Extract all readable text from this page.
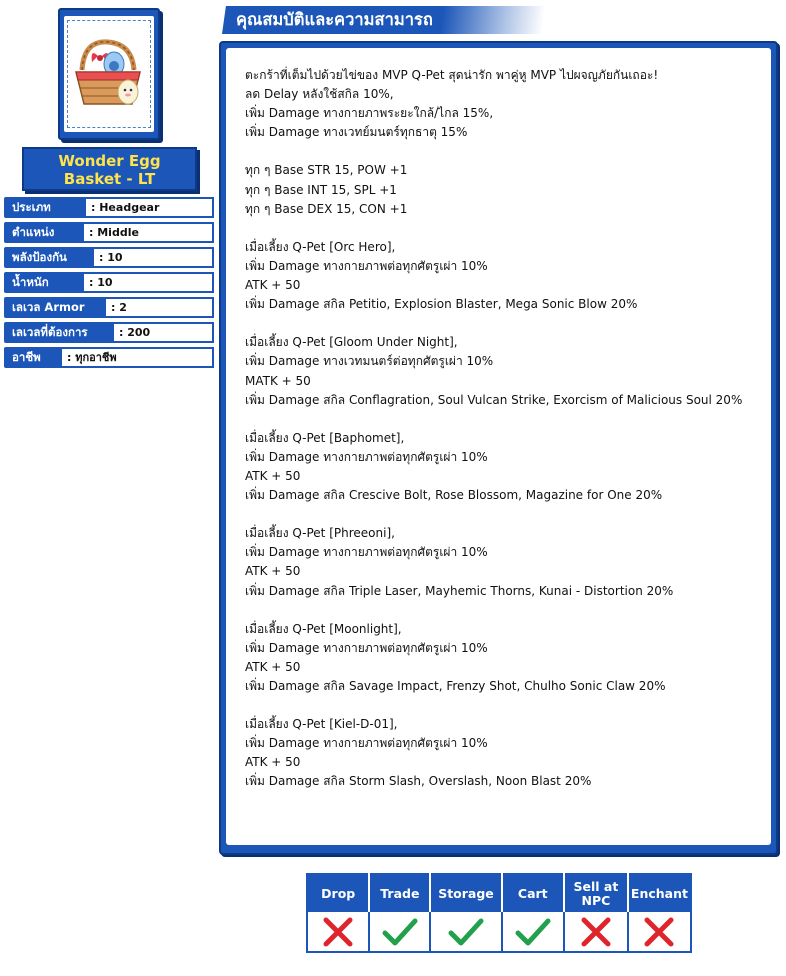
Wonder Egg
Basket - LT
ประเภท	: Headgear
ตำแหน่ง	: Middle
พลังป้องกัน	: 10
น้ำหนัก	: 10
เลเวล Armor	: 2
เลเวลที่ต้องการ	: 200
อาชีพ	: ทุกอาชีพ
คุณสมบัติและความสามารถ
ตะกร้าที่เต็มไปด้วยไข่ของ MVP Q-Pet สุดน่ารัก พาคู่หู MVP ไปผจญภัยกันเถอะ!
ลด Delay หลังใช้สกิล 10%,
เพิ่ม Damage ทางกายภาพระยะใกล้/ไกล 15%,
เพิ่ม Damage ทางเวทย์มนตร์ทุกธาตุ 15%
ทุก ๆ Base STR 15, POW +1
ทุก ๆ Base INT 15, SPL +1
ทุก ๆ Base DEX 15, CON +1
เมื่อเลี้ยง Q-Pet [Orc Hero],
เพิ่ม Damage ทางกายภาพต่อทุกศัตรูเผ่า 10%
ATK + 50
เพิ่ม Damage สกิล Petitio, Explosion Blaster, Mega Sonic Blow 20%
เมื่อเลี้ยง Q-Pet [Gloom Under Night],
เพิ่ม Damage ทางเวทมนตร์ต่อทุกศัตรูเผ่า 10%
MATK + 50
เพิ่ม Damage สกิล Conflagration, Soul Vulcan Strike, Exorcism of Malicious Soul 20%
เมื่อเลี้ยง Q-Pet [Baphomet],
เพิ่ม Damage ทางกายภาพต่อทุกศัตรูเผ่า 10%
ATK + 50
เพิ่ม Damage สกิล Crescive Bolt, Rose Blossom, Magazine for One 20%
เมื่อเลี้ยง Q-Pet [Phreeoni],
เพิ่ม Damage ทางกายภาพต่อทุกศัตรูเผ่า 10%
ATK + 50
เพิ่ม Damage สกิล Triple Laser, Mayhemic Thorns, Kunai - Distortion 20%
เมื่อเลี้ยง Q-Pet [Moonlight],
เพิ่ม Damage ทางกายภาพต่อทุกศัตรูเผ่า 10%
ATK + 50
เพิ่ม Damage สกิล Savage Impact, Frenzy Shot, Chulho Sonic Claw 20%
เมื่อเลี้ยง Q-Pet [Kiel-D-01],
เพิ่ม Damage ทางกายภาพต่อทุกศัตรูเผ่า 10%
ATK + 50
เพิ่ม Damage สกิล Storm Slash, Overslash, Noon Blast 20%
Drop	Trade	Storage	Cart	Sell at NPC	Enchant
